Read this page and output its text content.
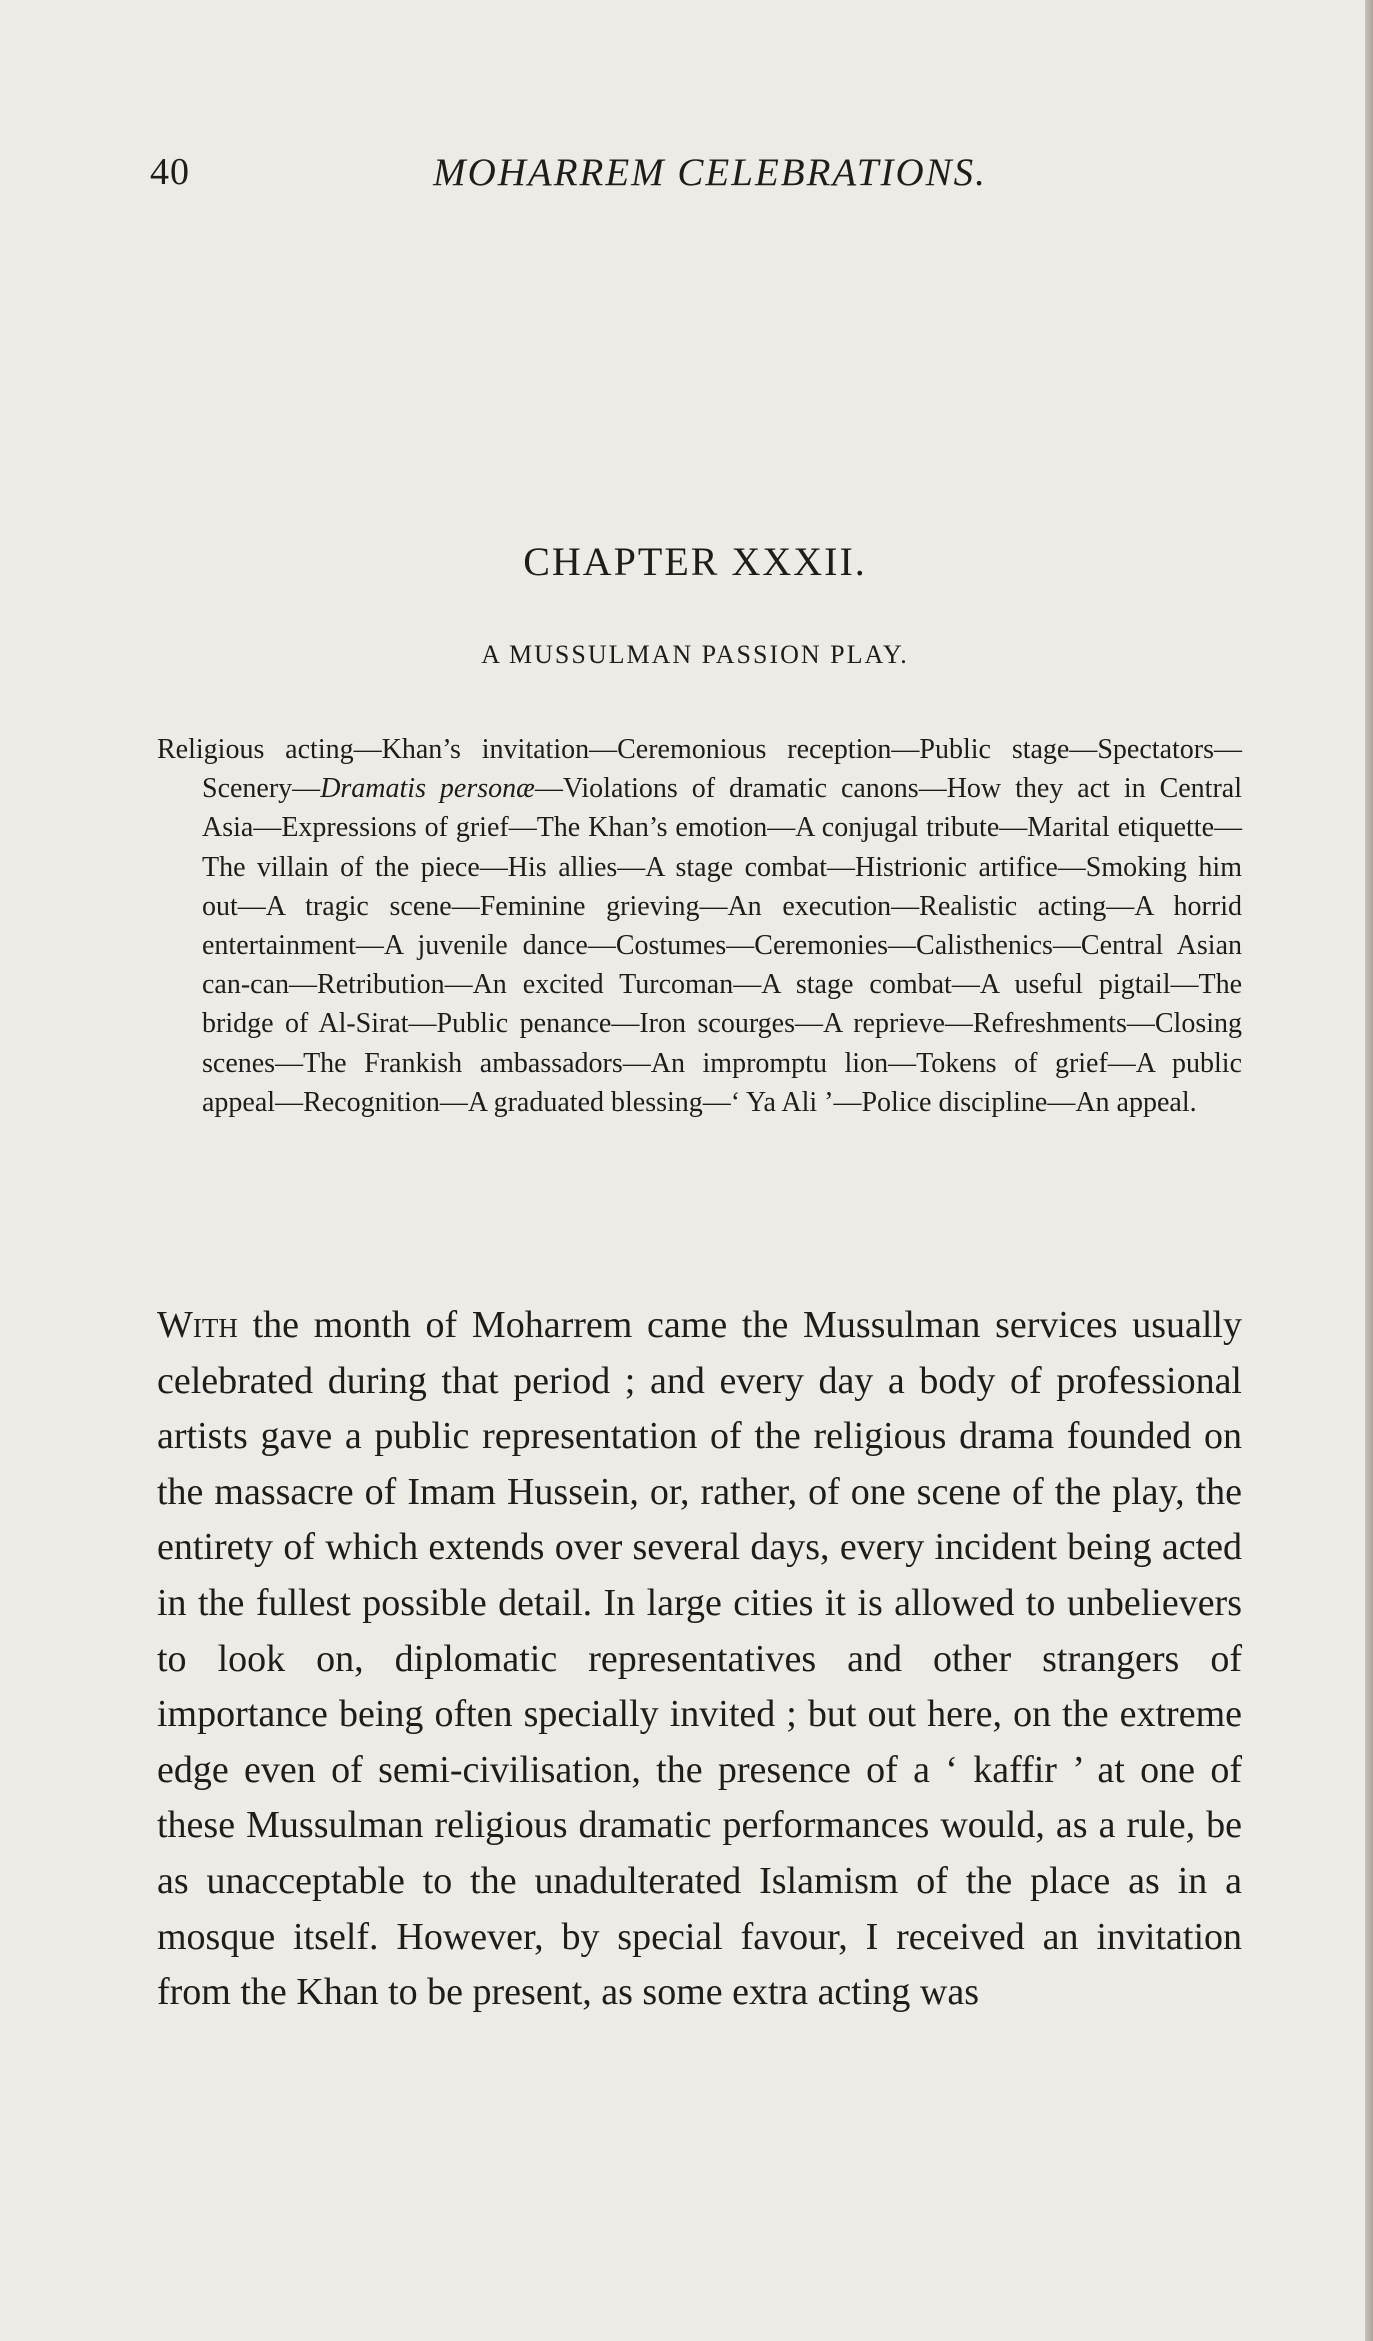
40	MOHARREM CELEBRATIONS.
CHAPTER XXXII.
A MUSSULMAN PASSION PLAY.
Religious acting—Khan’s invitation—Ceremonious reception—Public stage—Spectators—Scenery—Dramatis personæ—Violations of dramatic canons—How they act in Central Asia—Expressions of grief—The Khan’s emotion—A conjugal tribute—Marital etiquette—The villain of the piece—His allies—A stage combat—Histrionic artifice—Smoking him out—A tragic scene—Feminine grieving—An execution—Realistic acting—A horrid entertainment—A juvenile dance—Costumes—Ceremonies—Calisthenics—Central Asian can-can—Retribution—An excited Turcoman—A stage combat—A useful pigtail—The bridge of Al-Sirat—Public penance—Iron scourges—A reprieve—Refreshments—Closing scenes—The Frankish ambassadors—An impromptu lion—Tokens of grief—A public appeal—Recognition—A graduated blessing—‘ Ya Ali ’—Police discipline—An appeal.
With the month of Moharrem came the Mussulman services usually celebrated during that period ; and every day a body of professional artists gave a public representation of the religious drama founded on the massacre of Imam Hussein, or, rather, of one scene of the play, the entirety of which extends over several days, every incident being acted in the fullest possible detail. In large cities it is allowed to unbelievers to look on, diplomatic representatives and other strangers of importance being often specially invited ; but out here, on the extreme edge even of semi-civilisation, the presence of a ‘ kaffir ’ at one of these Mussulman religious dramatic performances would, as a rule, be as unacceptable to the unadulterated Islamism of the place as in a mosque itself. However, by special favour, I received an invitation from the Khan to be present, as some extra acting was
